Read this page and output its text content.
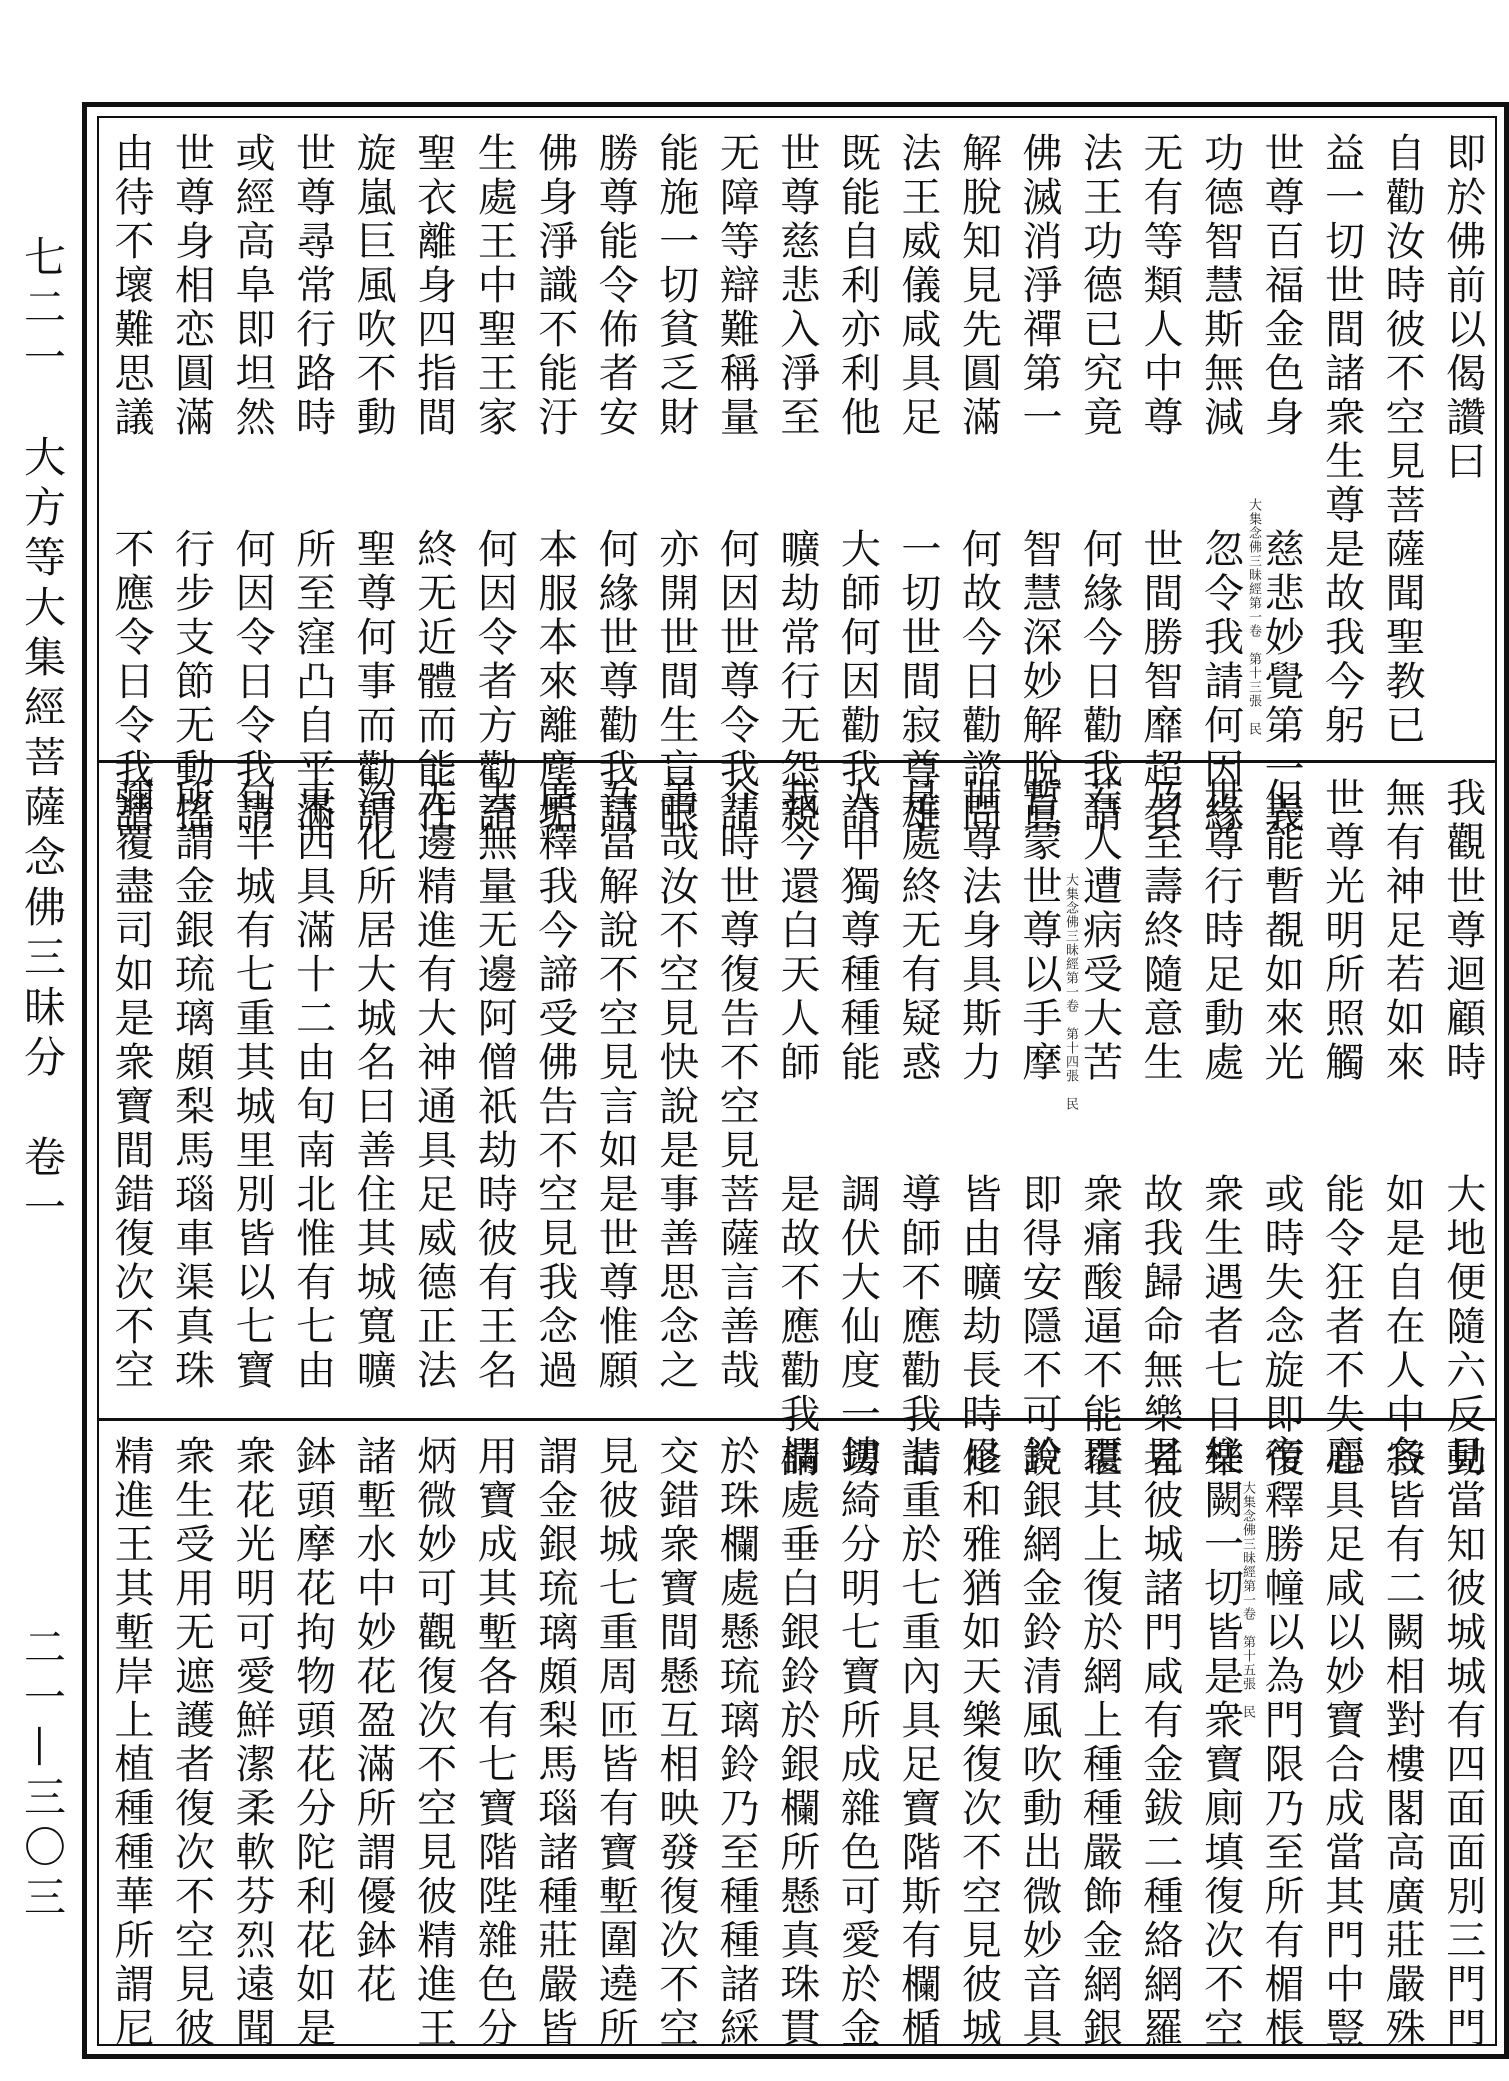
七二一　大方等大集經菩薩念佛三昧分　卷一
二一—三〇三
大集念佛三昧經第一卷　第十三張　民
即於佛前以偈讚曰
自勸汝時彼不空見菩薩聞聖教已
益一切世間諸衆生尊是故我今躬
世尊百福金色身　　慈悲妙覺第一義
功德智慧斯無減　　忽令我請何因緣
无有等類人中尊　　世間勝智靡超者
法王功德已究竟　　何緣今日勸我請
佛滅消淨禪第一　　智慧深妙解脫眞
解脫知見先圓滿　　何故今日勸諮問
法王威儀咸具足　　一切世間寂尊雄
既能自利亦利他　　大師何因勸我請
世尊慈悲入淨至　　曠劫常行无怨親
无障等辯難稱量　　何因世尊令我請
能施一切貧乏財　　亦開世間生盲眼
勝尊能令佈者安　　何緣世尊勸我請
佛身淨識不能汙　　本服本來離塵垢
生處王中聖王家　　何因令者方勸請
聖衣離身四指間　　終无近體而能住
旋嵐巨風吹不動　　聖尊何事而勸請
世尊尋常行路時　　所至窪凸自平滿
或經高阜即坦然　　何因令日令我請
世尊身相恋圓滿　　行步支節无動搖
由待不壞難思議　　不應令日令我請
大集念佛三昧經第一卷　第十四張　民	我觀世尊迴顧時　　大地便隨六反動
無有神足若如來　　如是自在人中寂
世尊光明所照觸　　能令狂者不失心
但能暫覩如來光　　或時失念旋即復
世尊行時足動處　　衆生遇者七日樂
乃至壽終隨意生　　故我歸命無樂者
若人遭病受大苦　　衆痛酸逼不能堪
暫蒙世尊以手摩　　即得安隱不可說
世尊法身具斯力　　皆由曠劫長時修
是處終无有疑惑　　導師不應勸我請
人中獨尊種種能　　調伏大仙度一切
我今還白天人師　　是故不應勸我請
介時世尊復告不空見菩薩言善哉
善哉汝不空見快說是事善思念之
吾當解說不空見言如是世尊惟願
廣釋我今諦受佛告不空見我念過
去無量无邊阿僧祇劫時彼有王名
无邊精進有大神通具足威德正法
治化所居大城名曰善住其城寬曠
東西具滿十二由旬南北惟有七由
旬半城有七重其城里別皆以七寶
所謂金銀琉璃頗梨馬瑙車渠真珠
彌覆盡司如是衆寶間錯復次不空
大集念佛三昧經第一卷　第十五張　民	見當知彼城城有四面面別三門門
各皆有二闕相對樓閣高廣莊嚴殊
麗具足咸以妙寶合成當其門中豎
帝釋勝幢以為門限乃至所有楣棖
柱闕一切皆是衆寶廁填復次不空
見彼城諸門咸有金鈸二種絡網羅
覆其上復於網上種種嚴飾金網銀
鈴銀網金鈴清風吹動出微妙音具
足和雅猶如天樂復次不空見彼城
七重於七重內具足寶階斯有欄楯
鏤綺分明七寶所成雜色可愛於金
欄處垂白銀鈴於銀欄所懸真珠貫
於珠欄處懸琉璃鈴乃至種種諸綵
交錯衆寶間懸互相映發復次不空
見彼城七重周匝皆有寶塹圍遶所
謂金銀琉璃頗梨馬瑙諸種莊嚴皆
用寶成其塹各有七寶階陛雜色分
炳微妙可觀復次不空見彼精進王
諸塹水中妙花盈滿所謂優鉢花
鉢頭摩花拘物頭花分陀利花如是
衆花光明可愛鮮潔柔軟芬烈遠聞
衆生受用无遮護者復次不空見彼
精進王其塹岸上植種種華所謂尼
